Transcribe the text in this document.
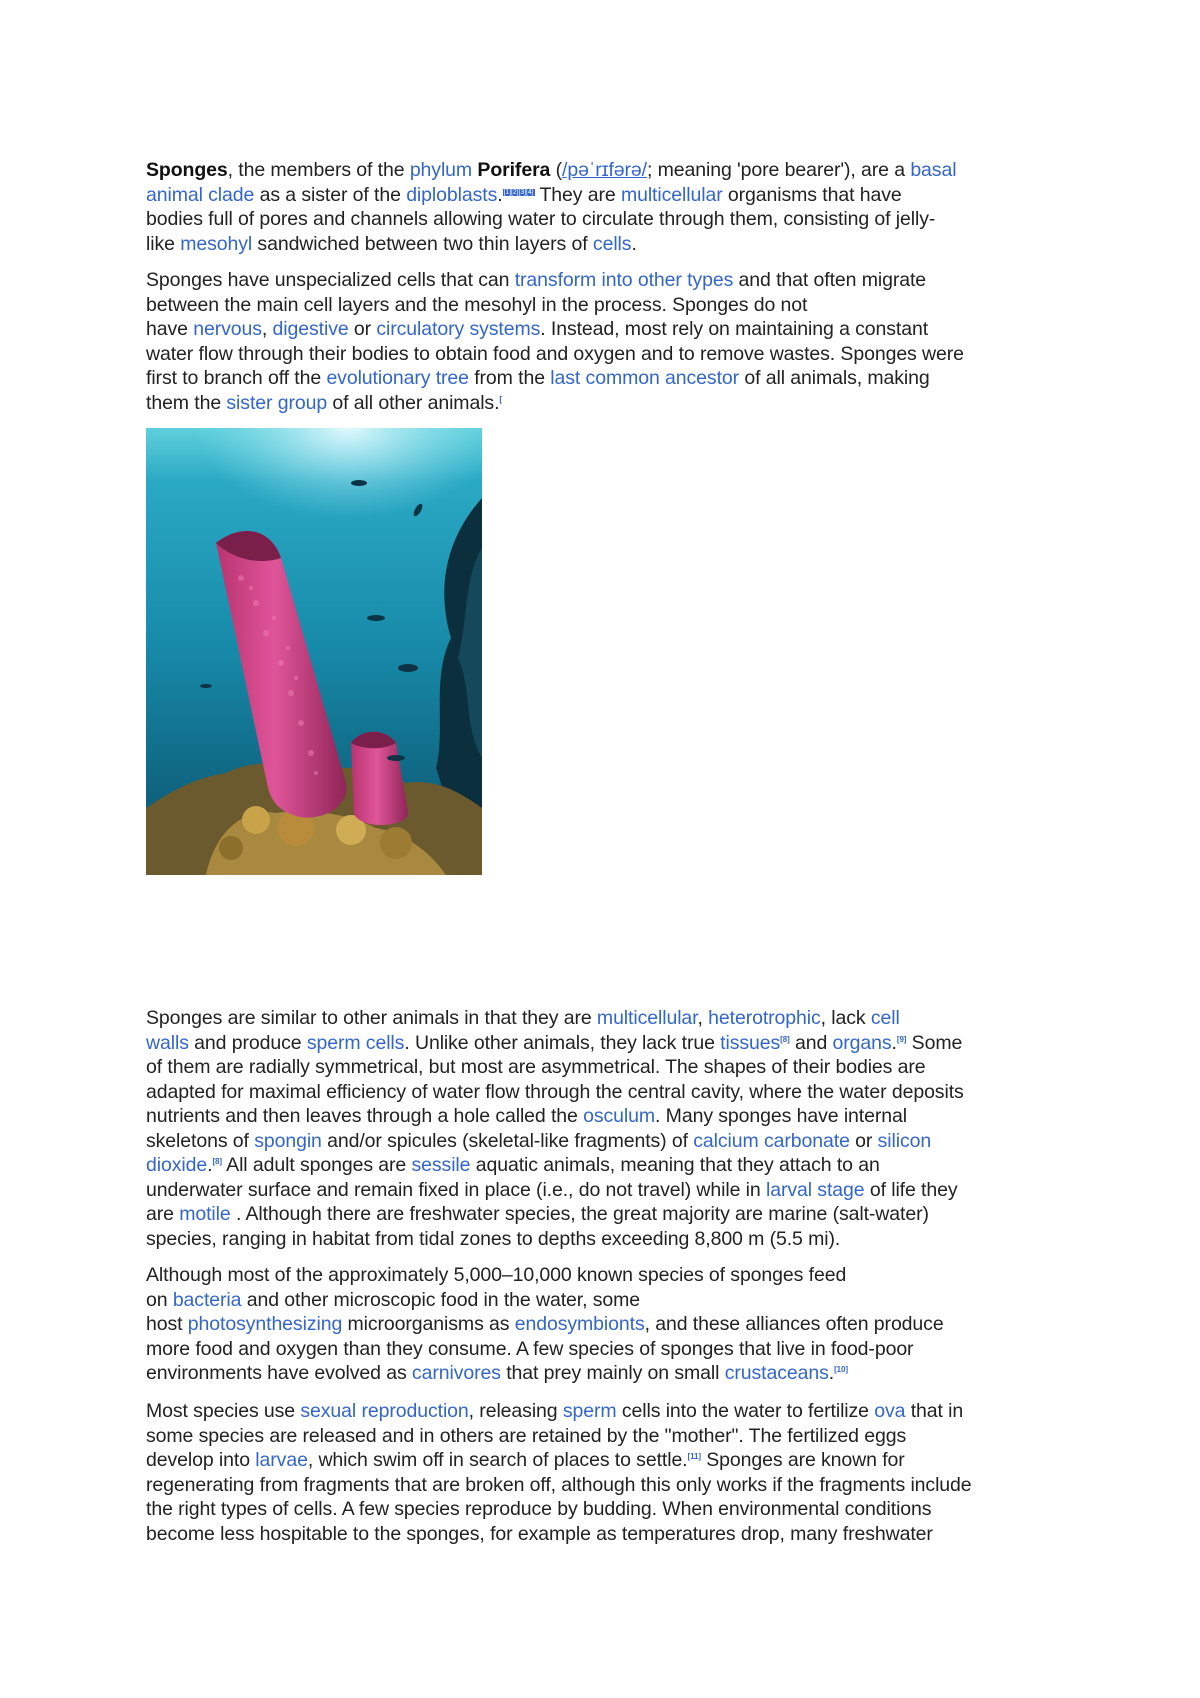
Sponges, the members of the phylum Porifera (/pəˈrɪfərə/; meaning 'pore bearer'), are a basal
animal clade as a sister of the diploblasts.[1][2][3][4] They are multicellular organisms that have
bodies full of pores and channels allowing water to circulate through them, consisting of jelly-
like mesohyl sandwiched between two thin layers of cells.

Sponges have unspecialized cells that can transform into other types and that often migrate
between the main cell layers and the mesohyl in the process. Sponges do not
have nervous, digestive or circulatory systems. Instead, most rely on maintaining a constant
water flow through their bodies to obtain food and oxygen and to remove wastes. Sponges were
first to branch off the evolutionary tree from the last common ancestor of all animals, making
them the sister group of all other animals.[

Sponges are similar to other animals in that they are multicellular, heterotrophic, lack cell
walls and produce sperm cells. Unlike other animals, they lack true tissues[8] and organs.[9] Some
of them are radially symmetrical, but most are asymmetrical. The shapes of their bodies are
adapted for maximal efficiency of water flow through the central cavity, where the water deposits
nutrients and then leaves through a hole called the osculum. Many sponges have internal
skeletons of spongin and/or spicules (skeletal-like fragments) of calcium carbonate or silicon
dioxide.[8] All adult sponges are sessile aquatic animals, meaning that they attach to an
underwater surface and remain fixed in place (i.e., do not travel) while in larval stage of life they
are motile . Although there are freshwater species, the great majority are marine (salt-water)
species, ranging in habitat from tidal zones to depths exceeding 8,800 m (5.5 mi).

Although most of the approximately 5,000–10,000 known species of sponges feed
on bacteria and other microscopic food in the water, some
host photosynthesizing microorganisms as endosymbionts, and these alliances often produce
more food and oxygen than they consume. A few species of sponges that live in food-poor
environments have evolved as carnivores that prey mainly on small crustaceans.[10]

Most species use sexual reproduction, releasing sperm cells into the water to fertilize ova that in
some species are released and in others are retained by the "mother". The fertilized eggs
develop into larvae, which swim off in search of places to settle.[11] Sponges are known for
regenerating from fragments that are broken off, although this only works if the fragments include
the right types of cells. A few species reproduce by budding. When environmental conditions
become less hospitable to the sponges, for example as temperatures drop, many freshwater
